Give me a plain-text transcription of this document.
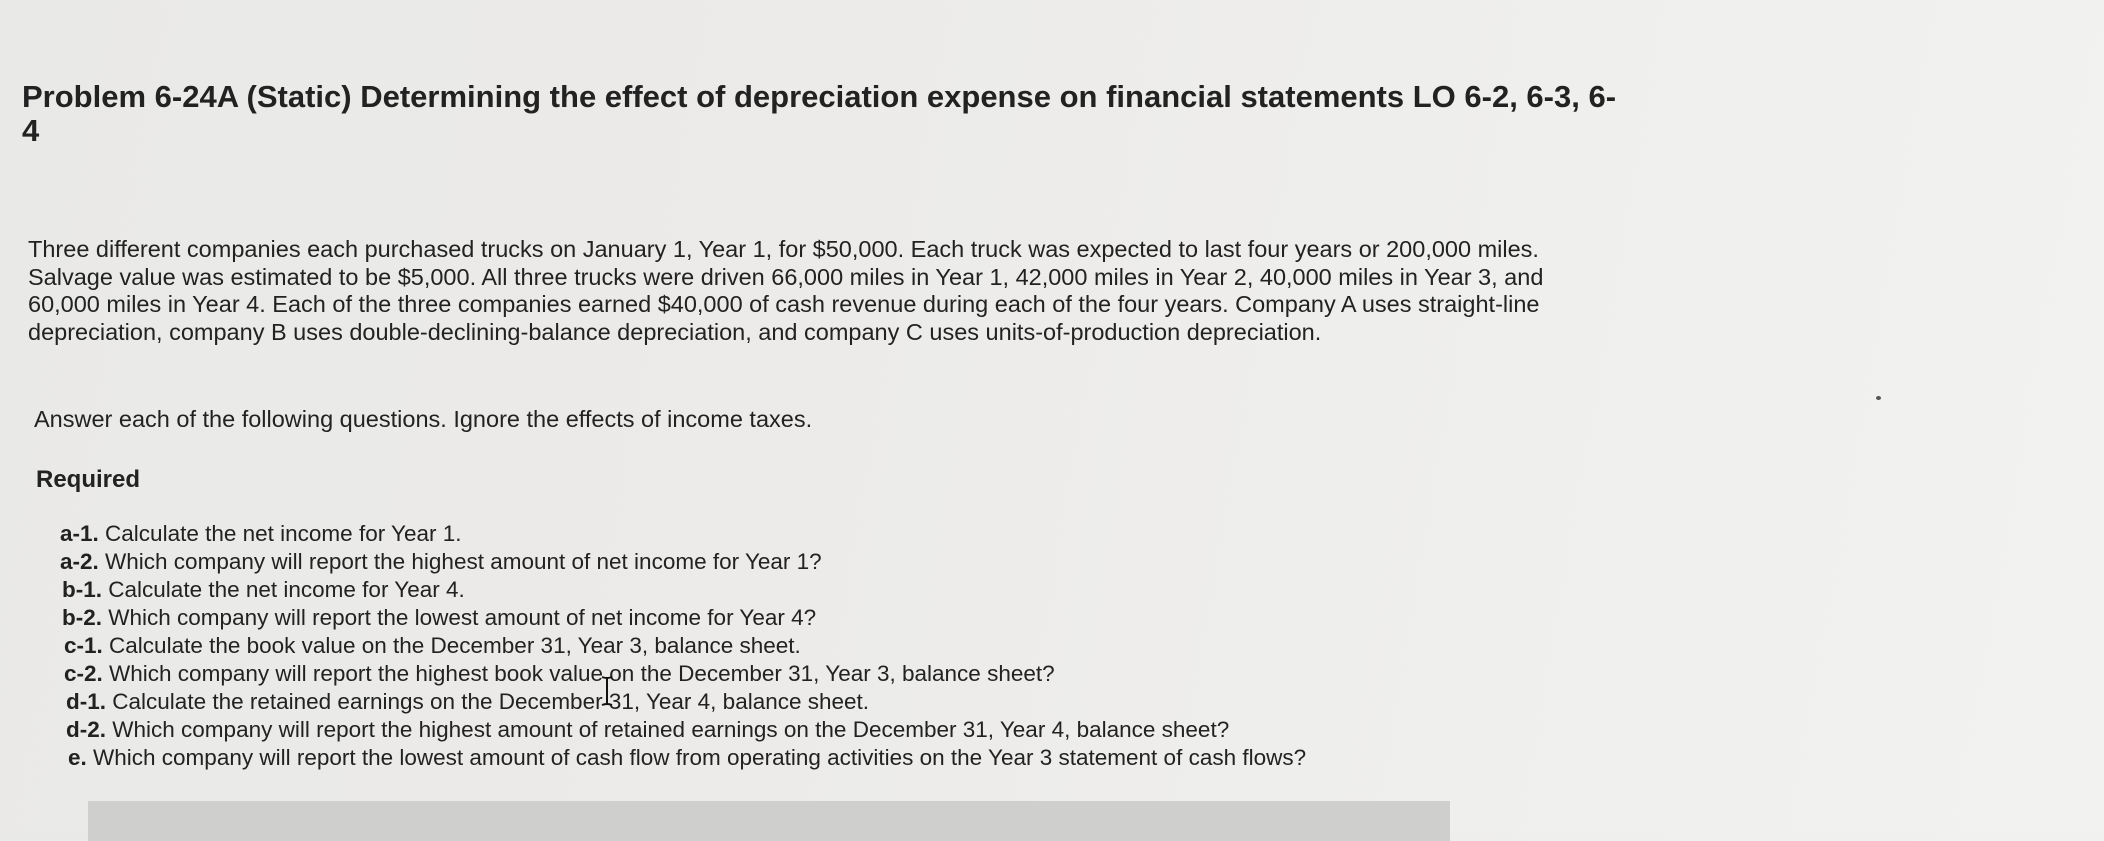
Problem 6-24A (Static) Determining the effect of depreciation expense on financial statements LO 6-2, 6-3, 6-4

Three different companies each purchased trucks on January 1, Year 1, for $50,000. Each truck was expected to last four years or 200,000 miles. Salvage value was estimated to be $5,000. All three trucks were driven 66,000 miles in Year 1, 42,000 miles in Year 2, 40,000 miles in Year 3, and 60,000 miles in Year 4. Each of the three companies earned $40,000 of cash revenue during each of the four years. Company A uses straight-line depreciation, company B uses double-declining-balance depreciation, and company C uses units-of-production depreciation.

Answer each of the following questions. Ignore the effects of income taxes.

Required
a-1. Calculate the net income for Year 1.
a-2. Which company will report the highest amount of net income for Year 1?
b-1. Calculate the net income for Year 4.
b-2. Which company will report the lowest amount of net income for Year 4?
c-1. Calculate the book value on the December 31, Year 3, balance sheet.
c-2. Which company will report the highest book value on the December 31, Year 3, balance sheet?
d-1. Calculate the retained earnings on the December 31, Year 4, balance sheet.
d-2. Which company will report the highest amount of retained earnings on the December 31, Year 4, balance sheet?
e. Which company will report the lowest amount of cash flow from operating activities on the Year 3 statement of cash flows?
